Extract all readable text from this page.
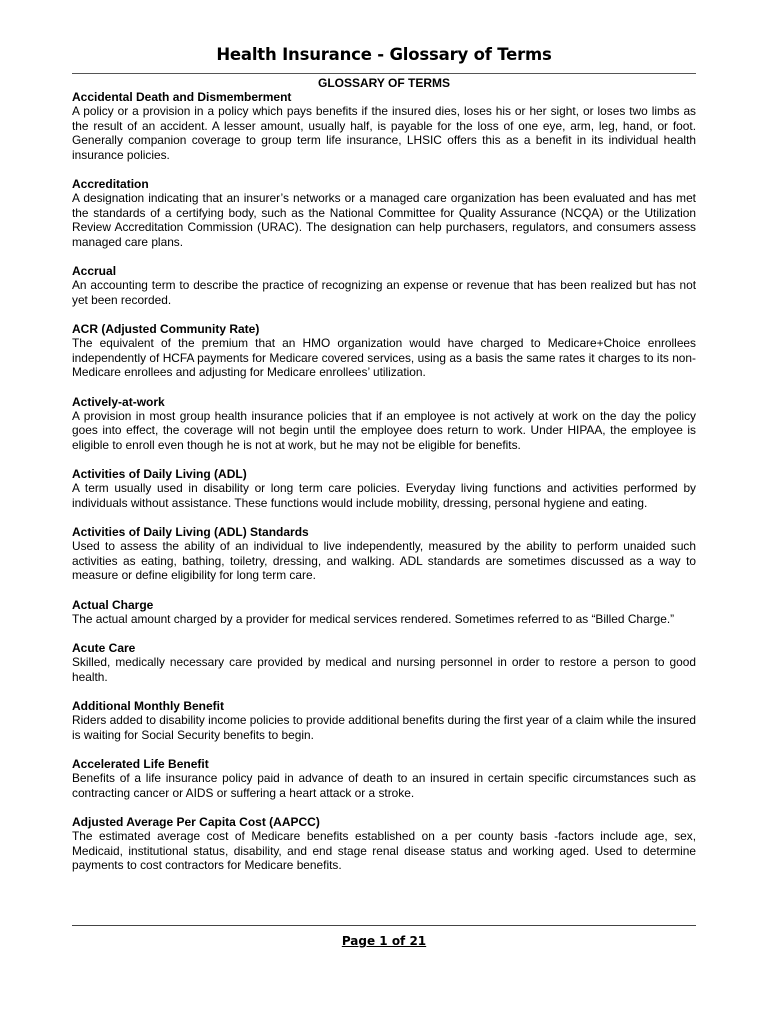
Health Insurance - Glossary of Terms
GLOSSARY OF TERMS
Accidental Death and Dismemberment
A policy or a provision in a policy which pays benefits if the insured dies, loses his or her sight, or loses two limbs as the result of an accident. A lesser amount, usually half, is payable for the loss of one eye, arm, leg, hand, or foot. Generally companion coverage to group term life insurance, LHSIC offers this as a benefit in its individual health insurance policies.
Accreditation
A designation indicating that an insurer’s networks or a managed care organization has been evaluated and has met the standards of a certifying body, such as the National Committee for Quality Assurance (NCQA) or the Utilization Review Accreditation Commission (URAC). The designation can help purchasers, regulators, and consumers assess managed care plans.
Accrual
An accounting term to describe the practice of recognizing an expense or revenue that has been realized but has not yet been recorded.
ACR (Adjusted Community Rate)
The equivalent of the premium that an HMO organization would have charged to Medicare+Choice enrollees independently of HCFA payments for Medicare covered services, using as a basis the same rates it charges to its non-Medicare enrollees and adjusting for Medicare enrollees’ utilization.
Actively-at-work
A provision in most group health insurance policies that if an employee is not actively at work on the day the policy goes into effect, the coverage will not begin until the employee does return to work. Under HIPAA, the employee is eligible to enroll even though he is not at work, but he may not be eligible for benefits.
Activities of Daily Living (ADL)
A term usually used in disability or long term care policies. Everyday living functions and activities performed by individuals without assistance. These functions would include mobility, dressing, personal hygiene and eating.
Activities of Daily Living (ADL) Standards
Used to assess the ability of an individual to live independently, measured by the ability to perform unaided such activities as eating, bathing, toiletry, dressing, and walking. ADL standards are sometimes discussed as a way to measure or define eligibility for long term care.
Actual Charge
The actual amount charged by a provider for medical services rendered. Sometimes referred to as “Billed Charge.”
Acute Care
Skilled, medically necessary care provided by medical and nursing personnel in order to restore a person to good health.
Additional Monthly Benefit
Riders added to disability income policies to provide additional benefits during the first year of a claim while the insured is waiting for Social Security benefits to begin.
Accelerated Life Benefit
Benefits of a life insurance policy paid in advance of death to an insured in certain specific circumstances such as contracting cancer or AIDS or suffering a heart attack or a stroke.
Adjusted Average Per Capita Cost (AAPCC)
The estimated average cost of Medicare benefits established on a per county basis -factors include age, sex, Medicaid, institutional status, disability, and end stage renal disease status and working aged. Used to determine payments to cost contractors for Medicare benefits.
Page 1 of 21
